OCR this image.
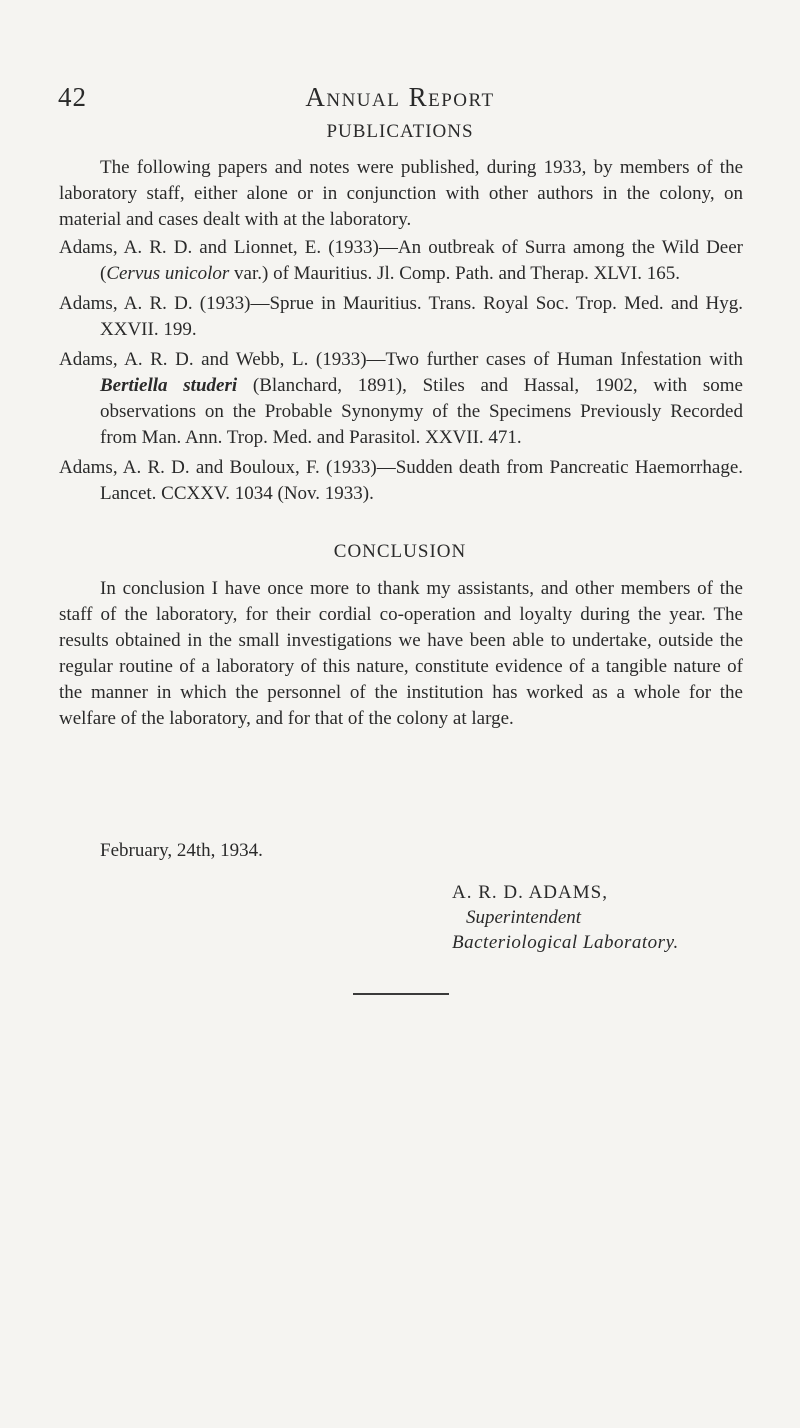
42	Annual Report
PUBLICATIONS

The following papers and notes were published, during 1933, by members of the laboratory staff, either alone or in conjunction with other authors in the colony, on material and cases dealt with at the laboratory.

Adams, A. R. D. and Lionnet, E. (1933)—An outbreak of Surra among the Wild Deer (Cervus unicolor var.) of Mauritius. Jl. Comp. Path. and Therap. XLVI. 165.

Adams, A. R. D. (1933)—Sprue in Mauritius. Trans. Royal Soc. Trop. Med. and Hyg. XXVII. 199.

Adams, A. R. D. and Webb, L. (1933)—Two further cases of Human Infestation with Bertiella studeri (Blanchard, 1891), Stiles and Hassal, 1902, with some observations on the Probable Synonymy of the Specimens Previously Recorded from Man. Ann. Trop. Med. and Parasitol. XXVII. 471.

Adams, A. R. D. and Bouloux, F. (1933)—Sudden death from Pancreatic Haemorrhage. Lancet. CCXXV. 1034 (Nov. 1933).

CONCLUSION

In conclusion I have once more to thank my assistants, and other members of the staff of the laboratory, for their cordial co-operation and loyalty during the year. The results obtained in the small investigations we have been able to undertake, outside the regular routine of a laboratory of this nature, constitute evidence of a tangible nature of the manner in which the personnel of the institution has worked as a whole for the welfare of the laboratory, and for that of the colony at large.

February, 24th, 1934.
A. R. D. ADAMS,
Superintendent
Bacteriological Laboratory.
